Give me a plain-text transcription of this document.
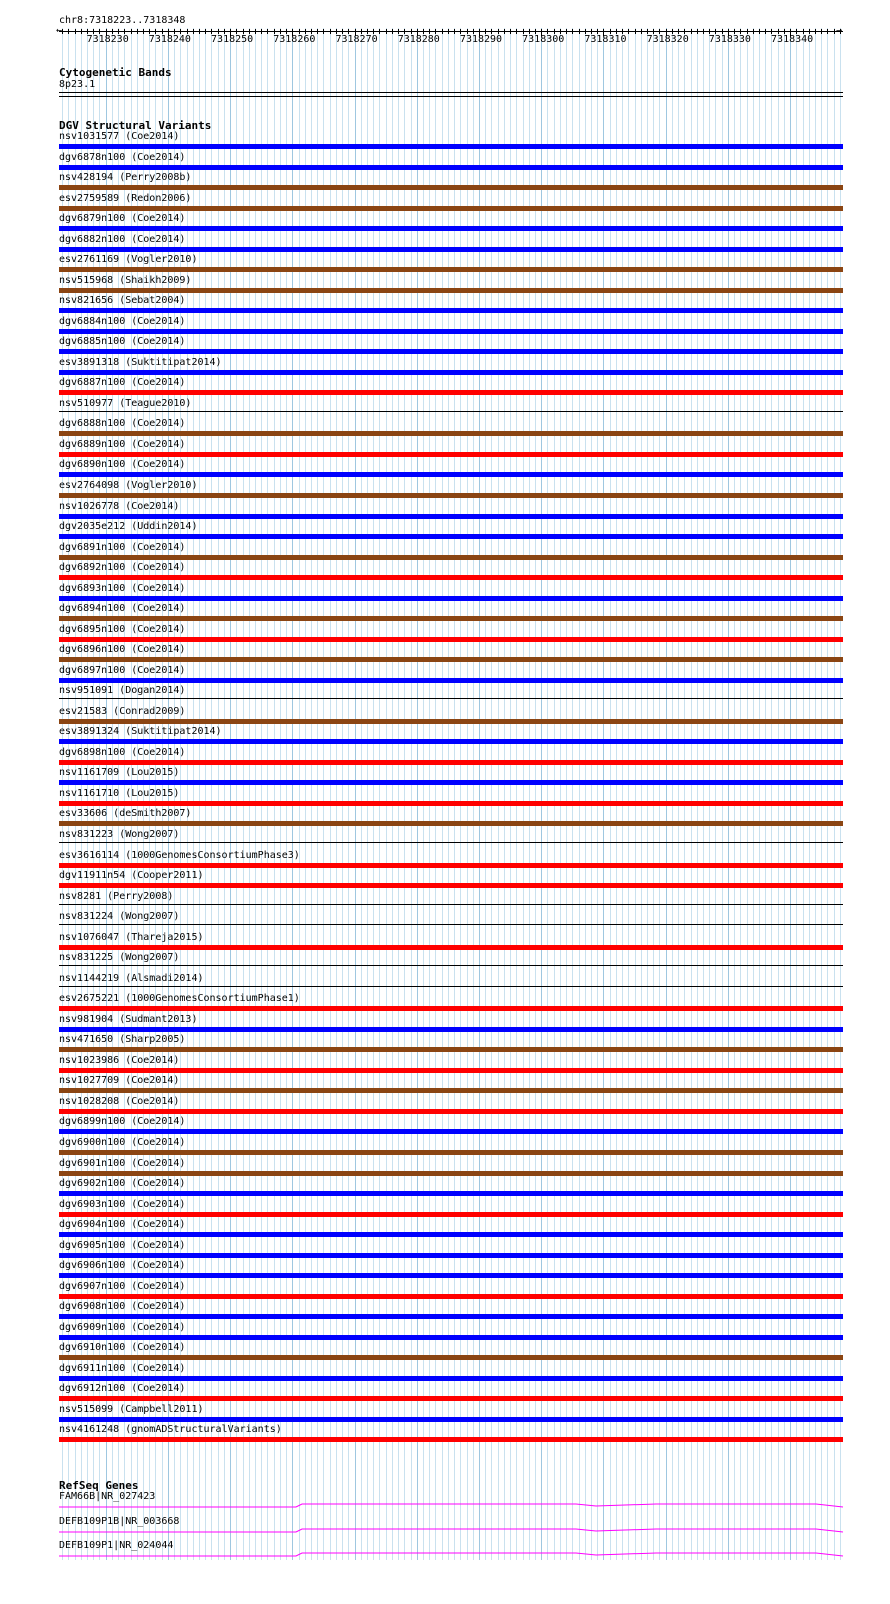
chr8:7318223..7318348
←	→
7318230 7318240 7318250 7318260 7318270 7318280 7318290 7318300 7318310 7318320 7318330 7318340
Cytogenetic Bands
8p23.1
DGV Structural Variants
nsv1031577 (Coe2014)
dgv6878n100 (Coe2014)
nsv428194 (Perry2008b)
esv2759589 (Redon2006)
dgv6879n100 (Coe2014)
dgv6882n100 (Coe2014)
esv2761169 (Vogler2010)
nsv515968 (Shaikh2009)
nsv821656 (Sebat2004)
dgv6884n100 (Coe2014)
dgv6885n100 (Coe2014)
esv3891318 (Suktitipat2014)
dgv6887n100 (Coe2014)
nsv510977 (Teague2010)
dgv6888n100 (Coe2014)
dgv6889n100 (Coe2014)
dgv6890n100 (Coe2014)
esv2764098 (Vogler2010)
nsv1026778 (Coe2014)
dgv2035e212 (Uddin2014)
dgv6891n100 (Coe2014)
dgv6892n100 (Coe2014)
dgv6893n100 (Coe2014)
dgv6894n100 (Coe2014)
dgv6895n100 (Coe2014)
dgv6896n100 (Coe2014)
dgv6897n100 (Coe2014)
nsv951091 (Dogan2014)
esv21583 (Conrad2009)
esv3891324 (Suktitipat2014)
dgv6898n100 (Coe2014)
nsv1161709 (Lou2015)
nsv1161710 (Lou2015)
esv33606 (deSmith2007)
nsv831223 (Wong2007)
esv3616114 (1000GenomesConsortiumPhase3)
dgv11911n54 (Cooper2011)
nsv8281 (Perry2008)
nsv831224 (Wong2007)
nsv1076047 (Thareja2015)
nsv831225 (Wong2007)
nsv1144219 (Alsmadi2014)
esv2675221 (1000GenomesConsortiumPhase1)
nsv981904 (Sudmant2013)
nsv471650 (Sharp2005)
nsv1023986 (Coe2014)
nsv1027709 (Coe2014)
nsv1028208 (Coe2014)
dgv6899n100 (Coe2014)
dgv6900n100 (Coe2014)
dgv6901n100 (Coe2014)
dgv6902n100 (Coe2014)
dgv6903n100 (Coe2014)
dgv6904n100 (Coe2014)
dgv6905n100 (Coe2014)
dgv6906n100 (Coe2014)
dgv6907n100 (Coe2014)
dgv6908n100 (Coe2014)
dgv6909n100 (Coe2014)
dgv6910n100 (Coe2014)
dgv6911n100 (Coe2014)
dgv6912n100 (Coe2014)
nsv515099 (Campbell2011)
nsv4161248 (gnomADStructuralVariants)
RefSeq Genes
FAM66B|NR_027423
DEFB109P1B|NR_003668
DEFB109P1|NR_024044
